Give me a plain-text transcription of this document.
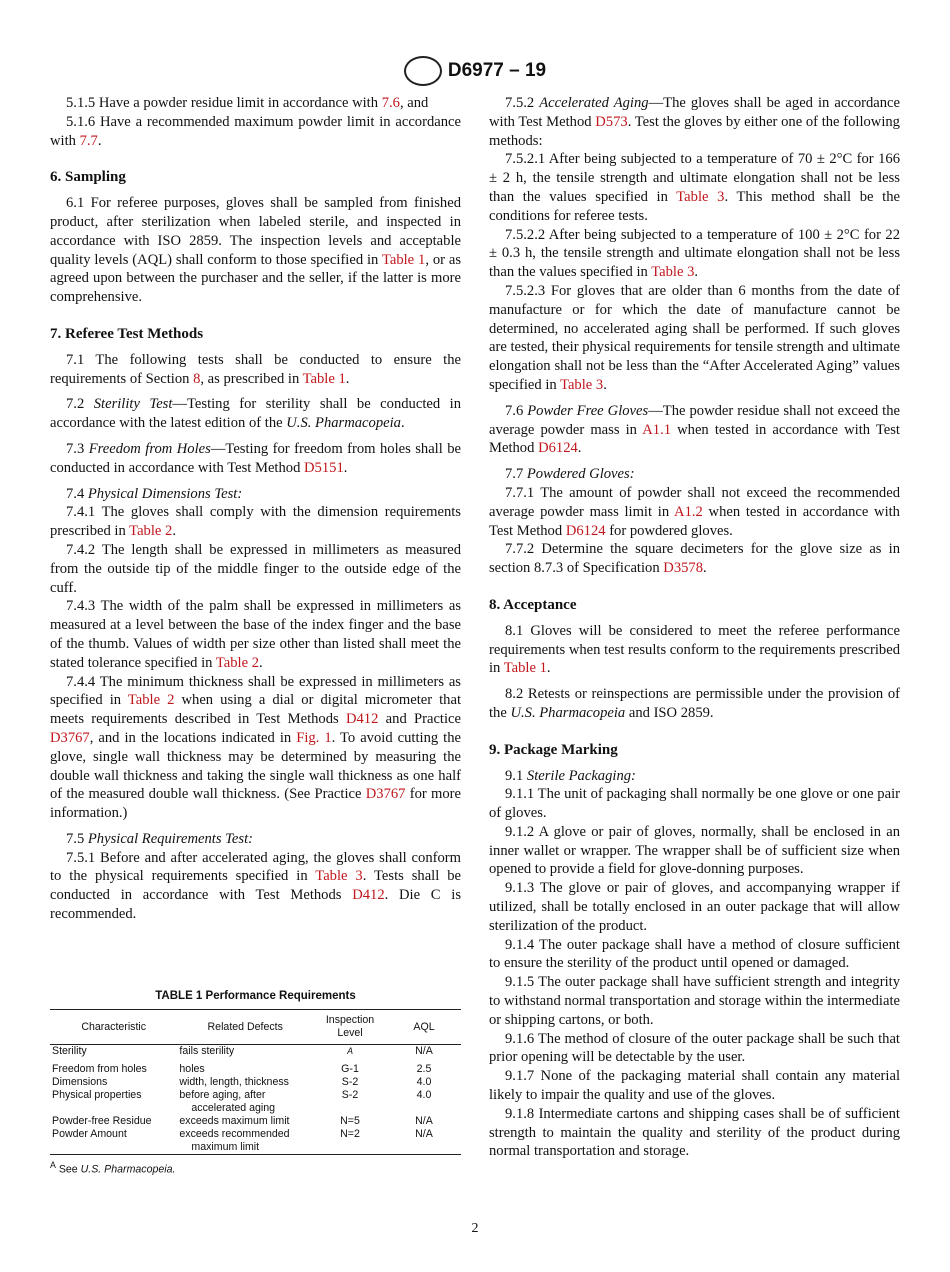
D6977 – 19
5.1.5 Have a powder residue limit in accordance with 7.6, and
5.1.6 Have a recommended maximum powder limit in accordance with 7.7.
6. Sampling
6.1 For referee purposes, gloves shall be sampled from finished product, after sterilization when labeled sterile, and inspected in accordance with ISO 2859. The inspection levels and acceptable quality levels (AQL) shall conform to those specified in Table 1, or as agreed upon between the purchaser and the seller, if the latter is more comprehensive.
7. Referee Test Methods
7.1 The following tests shall be conducted to ensure the requirements of Section 8, as prescribed in Table 1.
7.2 Sterility Test—Testing for sterility shall be conducted in accordance with the latest edition of the U.S. Pharmacopeia.
7.3 Freedom from Holes—Testing for freedom from holes shall be conducted in accordance with Test Method D5151.
7.4 Physical Dimensions Test:
7.4.1 The gloves shall comply with the dimension requirements prescribed in Table 2.
7.4.2 The length shall be expressed in millimeters as measured from the outside tip of the middle finger to the outside edge of the cuff.
7.4.3 The width of the palm shall be expressed in millimeters as measured at a level between the base of the index finger and the base of the thumb. Values of width per size other than listed shall meet the stated tolerance specified in Table 2.
7.4.4 The minimum thickness shall be expressed in millimeters as specified in Table 2 when using a dial or digital micrometer that meets requirements described in Test Methods D412 and Practice D3767, and in the locations indicated in Fig. 1. To avoid cutting the glove, single wall thickness may be determined by measuring the double wall thickness and taking the single wall thickness as one half of the measured double wall thickness. (See Practice D3767 for more information.)
7.5 Physical Requirements Test:
7.5.1 Before and after accelerated aging, the gloves shall conform to the physical requirements specified in Table 3. Tests shall be conducted in accordance with Test Methods D412. Die C is recommended.
7.5.2 Accelerated Aging—The gloves shall be aged in accordance with Test Method D573. Test the gloves by either one of the following methods:
7.5.2.1 After being subjected to a temperature of 70 ± 2°C for 166 ± 2 h, the tensile strength and ultimate elongation shall not be less than the values specified in Table 3. This method shall be the conditions for referee tests.
7.5.2.2 After being subjected to a temperature of 100 ± 2°C for 22 ± 0.3 h, the tensile strength and ultimate elongation shall not be less than the values specified in Table 3.
7.5.2.3 For gloves that are older than 6 months from the date of manufacture or for which the date of manufacture cannot be determined, no accelerated aging shall be performed. If such gloves are tested, their physical requirements for tensile strength and ultimate elongation shall not be less than the “After Accelerated Aging” values specified in Table 3.
7.6 Powder Free Gloves—The powder residue shall not exceed the average powder mass in A1.1 when tested in accordance with Test Method D6124.
7.7 Powdered Gloves:
7.7.1 The amount of powder shall not exceed the recommended average powder mass limit in A1.2 when tested in accordance with Test Method D6124 for powdered gloves.
7.7.2 Determine the square decimeters for the glove size as in section 8.7.3 of Specification D3578.
8. Acceptance
8.1 Gloves will be considered to meet the referee performance requirements when test results conform to the requirements prescribed in Table 1.
8.2 Retests or reinspections are permissible under the provision of the U.S. Pharmacopeia and ISO 2859.
9. Package Marking
9.1 Sterile Packaging:
9.1.1 The unit of packaging shall normally be one glove or one pair of gloves.
9.1.2 A glove or pair of gloves, normally, shall be enclosed in an inner wallet or wrapper. The wrapper shall be of sufficient size when opened to provide a field for glove-donning purposes.
9.1.3 The glove or pair of gloves, and accompanying wrapper if utilized, shall be totally enclosed in an outer package that will allow sterilization of the product.
9.1.4 The outer package shall have a method of closure sufficient to ensure the sterility of the product until opened or damaged.
9.1.5 The outer package shall have sufficient strength and integrity to withstand normal transportation and storage within the intermediate or shipping cartons, or both.
9.1.6 The method of closure of the outer package shall be such that prior opening will be detectable by the user.
9.1.7 None of the packaging material shall contain any material likely to impair the quality and use of the gloves.
9.1.8 Intermediate cartons and shipping cases shall be of sufficient strength to maintain the quality and sterility of the product during normal transportation and storage.
TABLE 1 Performance Requirements
Characteristic	Related Defects	Inspection Level	AQL
Sterility	fails sterility	$^A$	N/A
Freedom from holes	holes	G-1	2.5
Dimensions	width, length, thickness	S-2	4.0
Physical properties	before aging, after accelerated aging	S-2	4.0
Powder-free Residue	exceeds maximum limit	N=5	N/A
Powder Amount	exceeds recommended maximum limit	N=2	N/A
$^A$ See U.S. Pharmacopeia.
2
